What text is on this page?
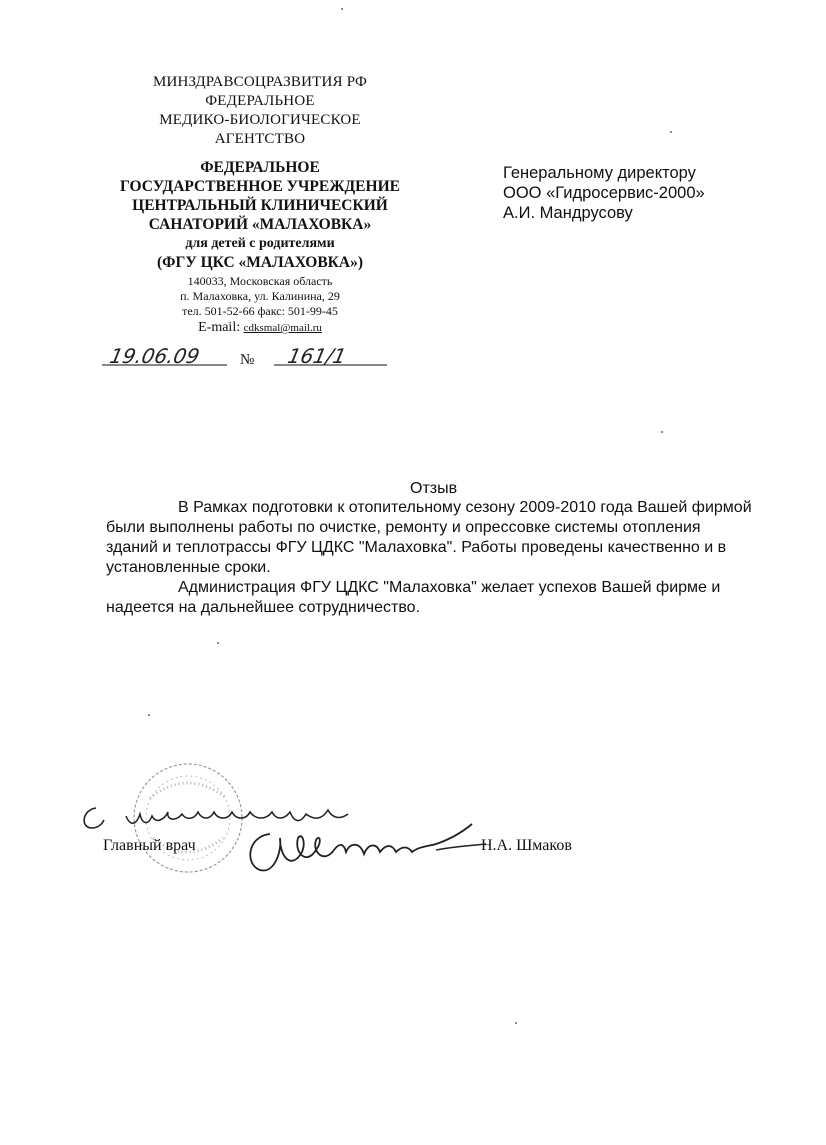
МИНЗДРАВСОЦРАЗВИТИЯ РФ
ФЕДЕРАЛЬНОЕ
МЕДИКО-БИОЛОГИЧЕСКОЕ
АГЕНТСТВО
ФЕДЕРАЛЬНОЕ
ГОСУДАРСТВЕННОЕ УЧРЕЖДЕНИЕ
ЦЕНТРАЛЬНЫЙ КЛИНИЧЕСКИЙ
САНАТОРИЙ «МАЛАХОВКА»
для детей с родителями
(ФГУ ЦКС «МАЛАХОВКА»)
140033, Московская область
п. Малаховка, ул. Калинина, 29
тел. 501-52-66 факс: 501-99-45
E-mail: cdksmal@mail.ru
19.06.09	№ 161/1
Генеральному директору
ООО «Гидросервис-2000»
А.И. Мандрусову
Отзыв

В Рамках подготовки к отопительному сезону 2009-2010 года Вашей фирмой были выполнены работы по очистке, ремонту и опрессовке системы отопления зданий и теплотрассы ФГУ ЦДКС "Малаховка". Работы проведены качественно и в установленные сроки.

Администрация ФГУ ЦДКС "Малаховка" желает успехов Вашей фирме и надеется на дальнейшее сотрудничество.

Главный врач	Н.А. Шмаков
